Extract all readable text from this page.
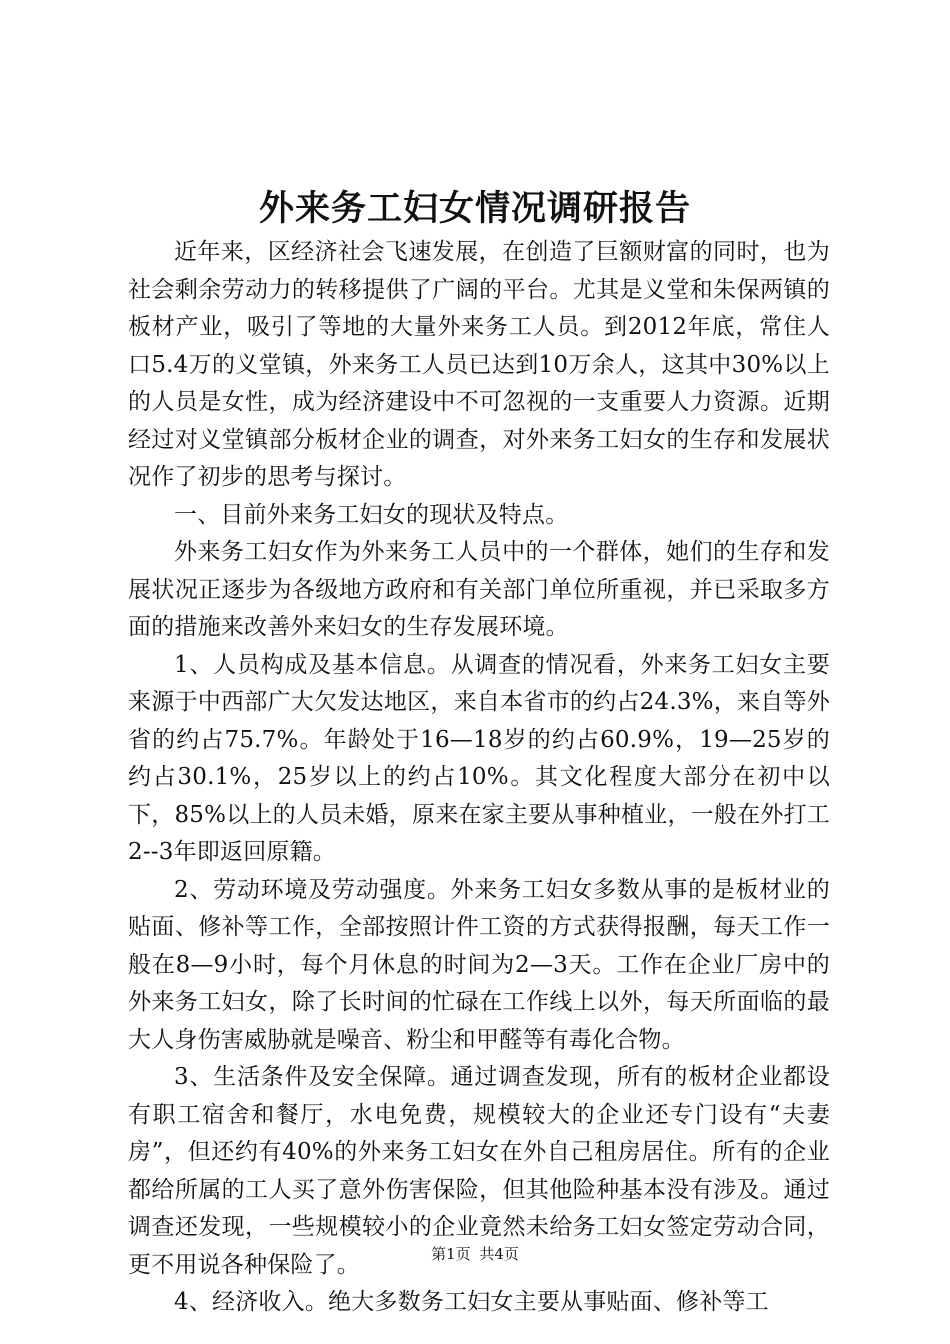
外来务工妇女情况调研报告

近年来，区经济社会飞速发展，在创造了巨额财富的同时，也为社会剩余劳动力的转移提供了广阔的平台。尤其是义堂和朱保两镇的板材产业，吸引了等地的大量外来务工人员。到2012年底，常住人口5.4万的义堂镇，外来务工人员已达到10万余人，这其中30%以上的人员是女性，成为经济建设中不可忽视的一支重要人力资源。近期经过对义堂镇部分板材企业的调查，对外来务工妇女的生存和发展状况作了初步的思考与探讨。

一、目前外来务工妇女的现状及特点。

外来务工妇女作为外来务工人员中的一个群体，她们的生存和发展状况正逐步为各级地方政府和有关部门单位所重视，并已采取多方面的措施来改善外来妇女的生存发展环境。

1、人员构成及基本信息。从调查的情况看，外来务工妇女主要来源于中西部广大欠发达地区，来自本省市的约占24.3%，来自等外省的约占75.7%。年龄处于16—18岁的约占60.9%，19—25岁的约占30.1%，25岁以上的约占10%。其文化程度大部分在初中以下，85%以上的人员未婚，原来在家主要从事种植业，一般在外打工2--3年即返回原籍。

2、劳动环境及劳动强度。外来务工妇女多数从事的是板材业的贴面、修补等工作，全部按照计件工资的方式获得报酬，每天工作一般在8—9小时，每个月休息的时间为2—3天。工作在企业厂房中的外来务工妇女，除了长时间的忙碌在工作线上以外，每天所面临的最大人身伤害威胁就是噪音、粉尘和甲醛等有毒化合物。

3、生活条件及安全保障。通过调查发现，所有的板材企业都设有职工宿舍和餐厅，水电免费，规模较大的企业还专门设有“夫妻房”，但还约有40%的外来务工妇女在外自己租房居住。所有的企业都给所属的工人买了意外伤害保险，但其他险种基本没有涉及。通过调查还发现，一些规模较小的企业竟然未给务工妇女签定劳动合同，更不用说各种保险了。

4、经济收入。绝大多数务工妇女主要从事贴面、修补等工

第1页 共4页
